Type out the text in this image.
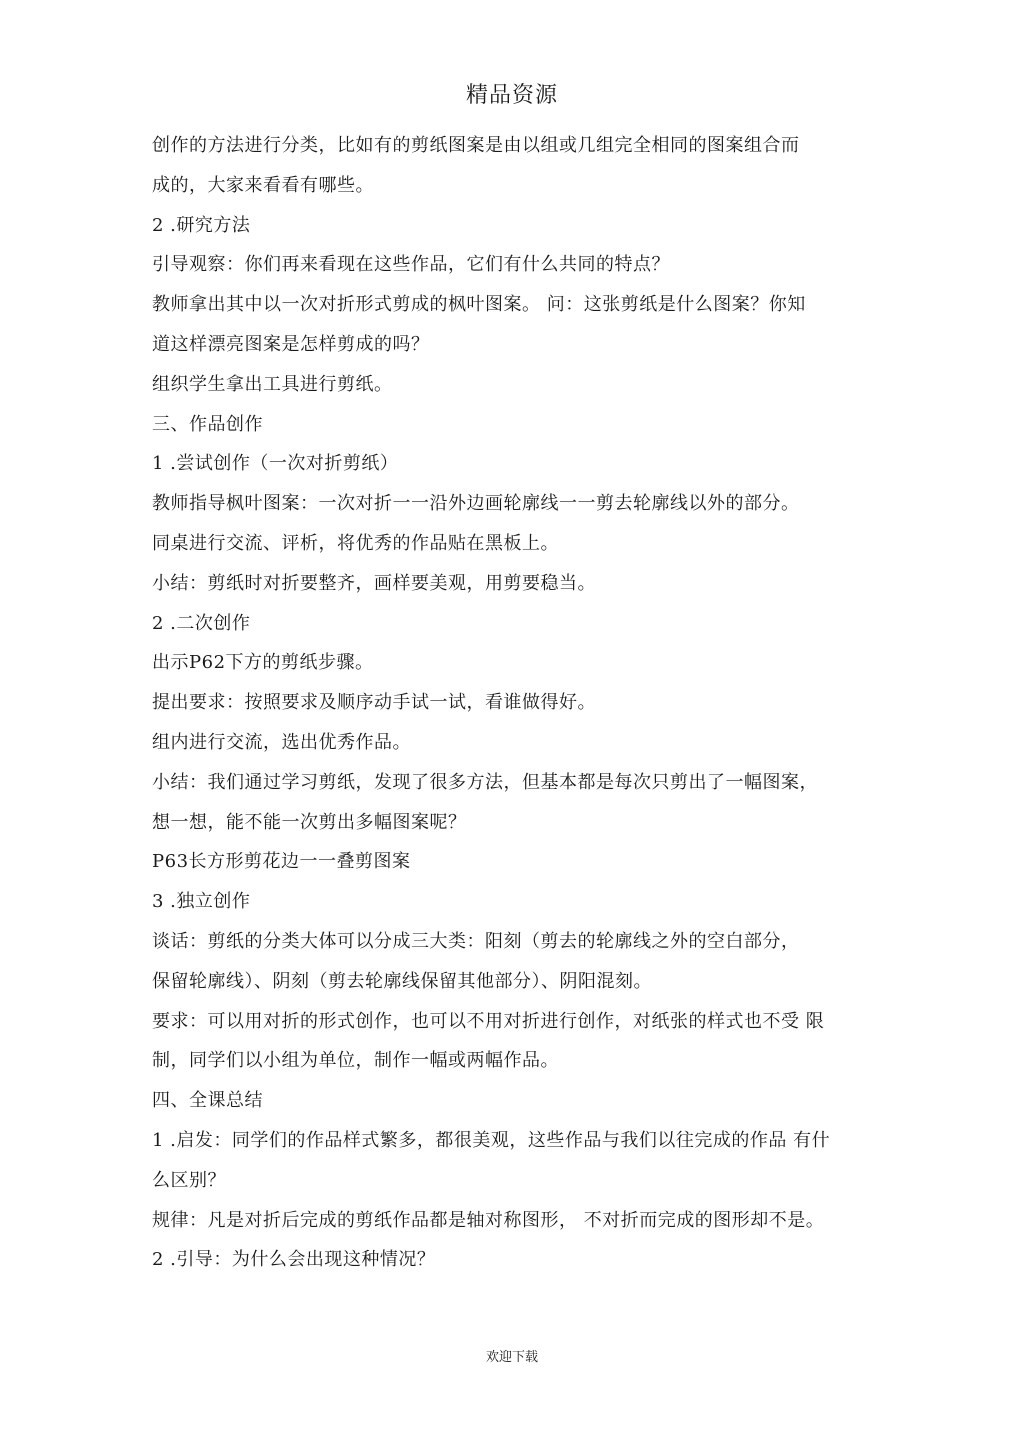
精品资源
创作的方法进行分类，比如有的剪纸图案是由以组或几组完全相同的图案组合而
成的，大家来看看有哪些。
2 .研究方法
引导观察：你们再来看现在这些作品，它们有什么共同的特点？
教师拿出其中以一次对折形式剪成的枫叶图案。 问：这张剪纸是什么图案？你知
道这样漂亮图案是怎样剪成的吗？
组织学生拿出工具进行剪纸。
三、作品创作
1 .尝试创作（一次对折剪纸）
教师指导枫叶图案：一次对折一一沿外边画轮廓线一一剪去轮廓线以外的部分。
同桌进行交流、评析，将优秀的作品贴在黑板上。
小结：剪纸时对折要整齐，画样要美观，用剪要稳当。
2 .二次创作
出示P62下方的剪纸步骤。
提出要求：按照要求及顺序动手试一试，看谁做得好。
组内进行交流，选出优秀作品。
小结：我们通过学习剪纸，发现了很多方法，但基本都是每次只剪出了一幅图案，
想一想，能不能一次剪出多幅图案呢？
P63长方形剪花边一一叠剪图案
3 .独立创作
谈话：剪纸的分类大体可以分成三大类：阳刻（剪去的轮廓线之外的空白部分，
保留轮廓线）、阴刻（剪去轮廓线保留其他部分）、阴阳混刻。
要求：可以用对折的形式创作，也可以不用对折进行创作，对纸张的样式也不受 限
制，同学们以小组为单位，制作一幅或两幅作品。
四、全课总结
1 .启发：同学们的作品样式繁多，都很美观，这些作品与我们以往完成的作品 有什
么区别？
规律：凡是对折后完成的剪纸作品都是轴对称图形， 不对折而完成的图形却不是。
2 .引导：为什么会出现这种情况？
欢迎下载
